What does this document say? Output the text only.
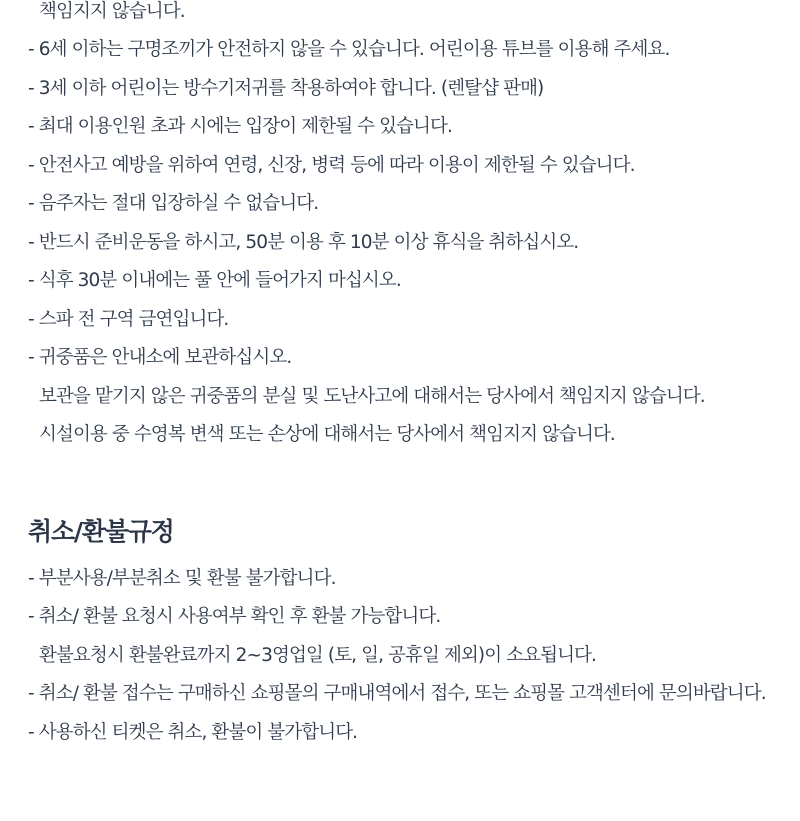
책임지지 않습니다.
- 6세 이하는 구명조끼가 안전하지 않을 수 있습니다. 어린이용 튜브를 이용해 주세요.
- 3세 이하 어린이는 방수기저귀를 착용하여야 합니다. (렌탈샵 판매)
- 최대 이용인원 초과 시에는 입장이 제한될 수 있습니다.
- 안전사고 예방을 위하여 연령, 신장, 병력 등에 따라 이용이 제한될 수 있습니다.
- 음주자는 절대 입장하실 수 없습니다.
- 반드시 준비운동을 하시고, 50분 이용 후 10분 이상 휴식을 취하십시오.
- 식후 30분 이내에는 풀 안에 들어가지 마십시오.
- 스파 전 구역 금연입니다.
- 귀중품은 안내소에 보관하십시오.
보관을 맡기지 않은 귀중품의 분실 및 도난사고에 대해서는 당사에서 책임지지 않습니다.
시설이용 중 수영복 변색 또는 손상에 대해서는 당사에서 책임지지 않습니다.
취소/환불규정
- 부분사용/부분취소 및 환불 불가합니다.
- 취소/ 환불 요청시 사용여부 확인 후 환불 가능합니다.
환불요청시 환불완료까지 2~3영업일 (토, 일, 공휴일 제외)이 소요됩니다.
- 취소/ 환불 접수는 구매하신 쇼핑몰의 구매내역에서 접수, 또는 쇼핑몰 고객센터에 문의바랍니다.
- 사용하신 티켓은 취소, 환불이 불가합니다.
